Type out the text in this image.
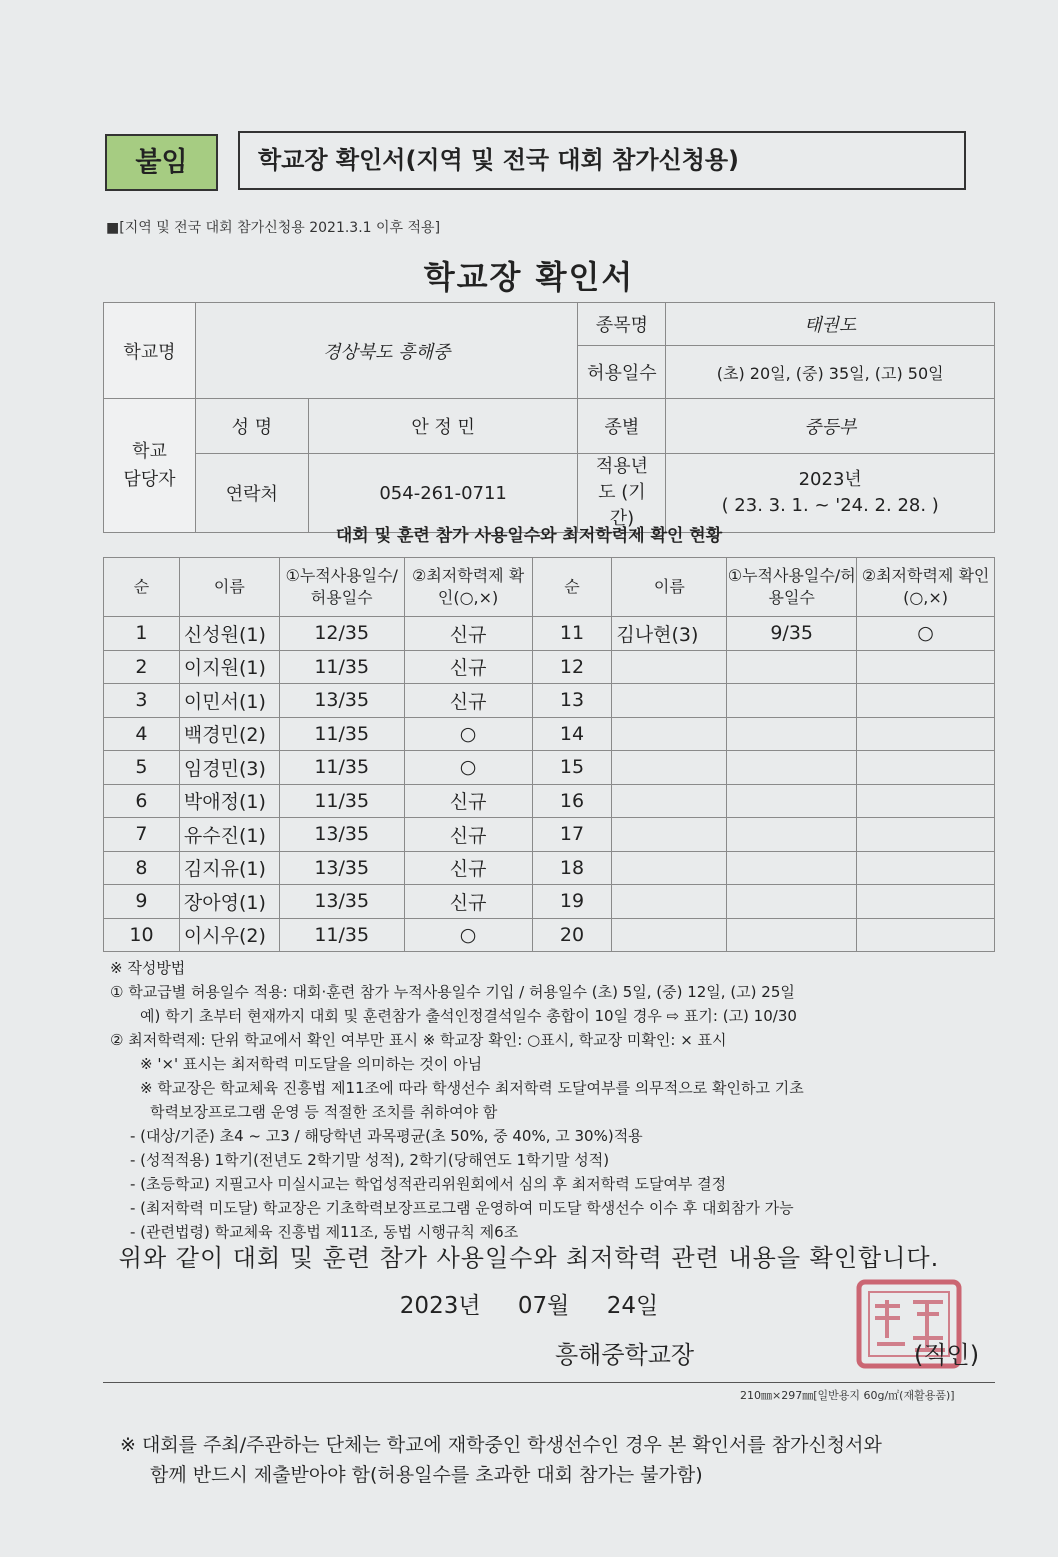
붙임	학교장 확인서(지역 및 전국 대회 참가신청용)
■[지역 및 전국 대회 참가신청용 2021.3.1 이후 적용]
학교장 확인서
학교명	경상북도 흥해중		종목명	태권도
			허용일수	(초) 20일, (중) 35일, (고) 50일
학교 담당자	성 명	안 정 민	종별	중등부
	연락처	054-261-0711	적용년도 (기간)	2023년
( 23. 3. 1. ~ '24. 2. 28. )
대회 및 훈련 참가 사용일수와 최저학력제 확인 현황
순	이름	①누적사용일수/허용일수	②최저학력제 확인(○,×)	순	이름	①누적사용일수/허용일수	②최저학력제 확인(○,×)
1	신성원(1)	12/35	신규	11	김나현(3)	9/35	○
2	이지원(1)	11/35	신규	12			
3	이민서(1)	13/35	신규	13			
4	백경민(2)	11/35	○	14			
5	임경민(3)	11/35	○	15			
6	박애정(1)	11/35	신규	16			
7	유수진(1)	13/35	신규	17			
8	김지유(1)	13/35	신규	18			
9	장아영(1)	13/35	신규	19			
10	이시우(2)	11/35	○	20			
※ 작성방법
① 학교급별 허용일수 적용: 대회·훈련 참가 누적사용일수 기입 / 허용일수 (초) 5일, (중) 12일, (고) 25일
예) 학기 초부터 현재까지 대회 및 훈련참가 출석인정결석일수 총합이 10일 경우 ⇨ 표기: (고) 10/30
② 최저학력제: 단위 학교에서 확인 여부만 표시 ※ 학교장 확인: ○표시, 학교장 미확인: × 표시
※ '×' 표시는 최저학력 미도달을 의미하는 것이 아님
※ 학교장은 학교체육 진흥법 제11조에 따라 학생선수 최저학력 도달여부를 의무적으로 확인하고 기초
학력보장프로그램 운영 등 적절한 조치를 취하여야 함
- (대상/기준) 초4 ~ 고3 / 해당학년 과목평균(초 50%, 중 40%, 고 30%)적용
- (성적적용) 1학기(전년도 2학기말 성적), 2학기(당해연도 1학기말 성적)
- (초등학교) 지필고사 미실시교는 학업성적관리위원회에서 심의 후 최저학력 도달여부 결정
- (최저학력 미도달) 학교장은 기초학력보장프로그램 운영하여 미도달 학생선수 이수 후 대회참가 가능
- (관련법령) 학교체육 진흥법 제11조, 동법 시행규칙 제6조
위와 같이 대회 및 훈련 참가 사용일수와 최저학력 관련 내용을 확인합니다.
2023년 07월 24일
흥해중학교장	(직인)
210㎜×297㎜[일반용지 60g/㎡(재활용품)]
※ 대회를 주최/주관하는 단체는 학교에 재학중인 학생선수인 경우 본 확인서를 참가신청서와
함께 반드시 제출받아야 함(허용일수를 초과한 대회 참가는 불가함)
